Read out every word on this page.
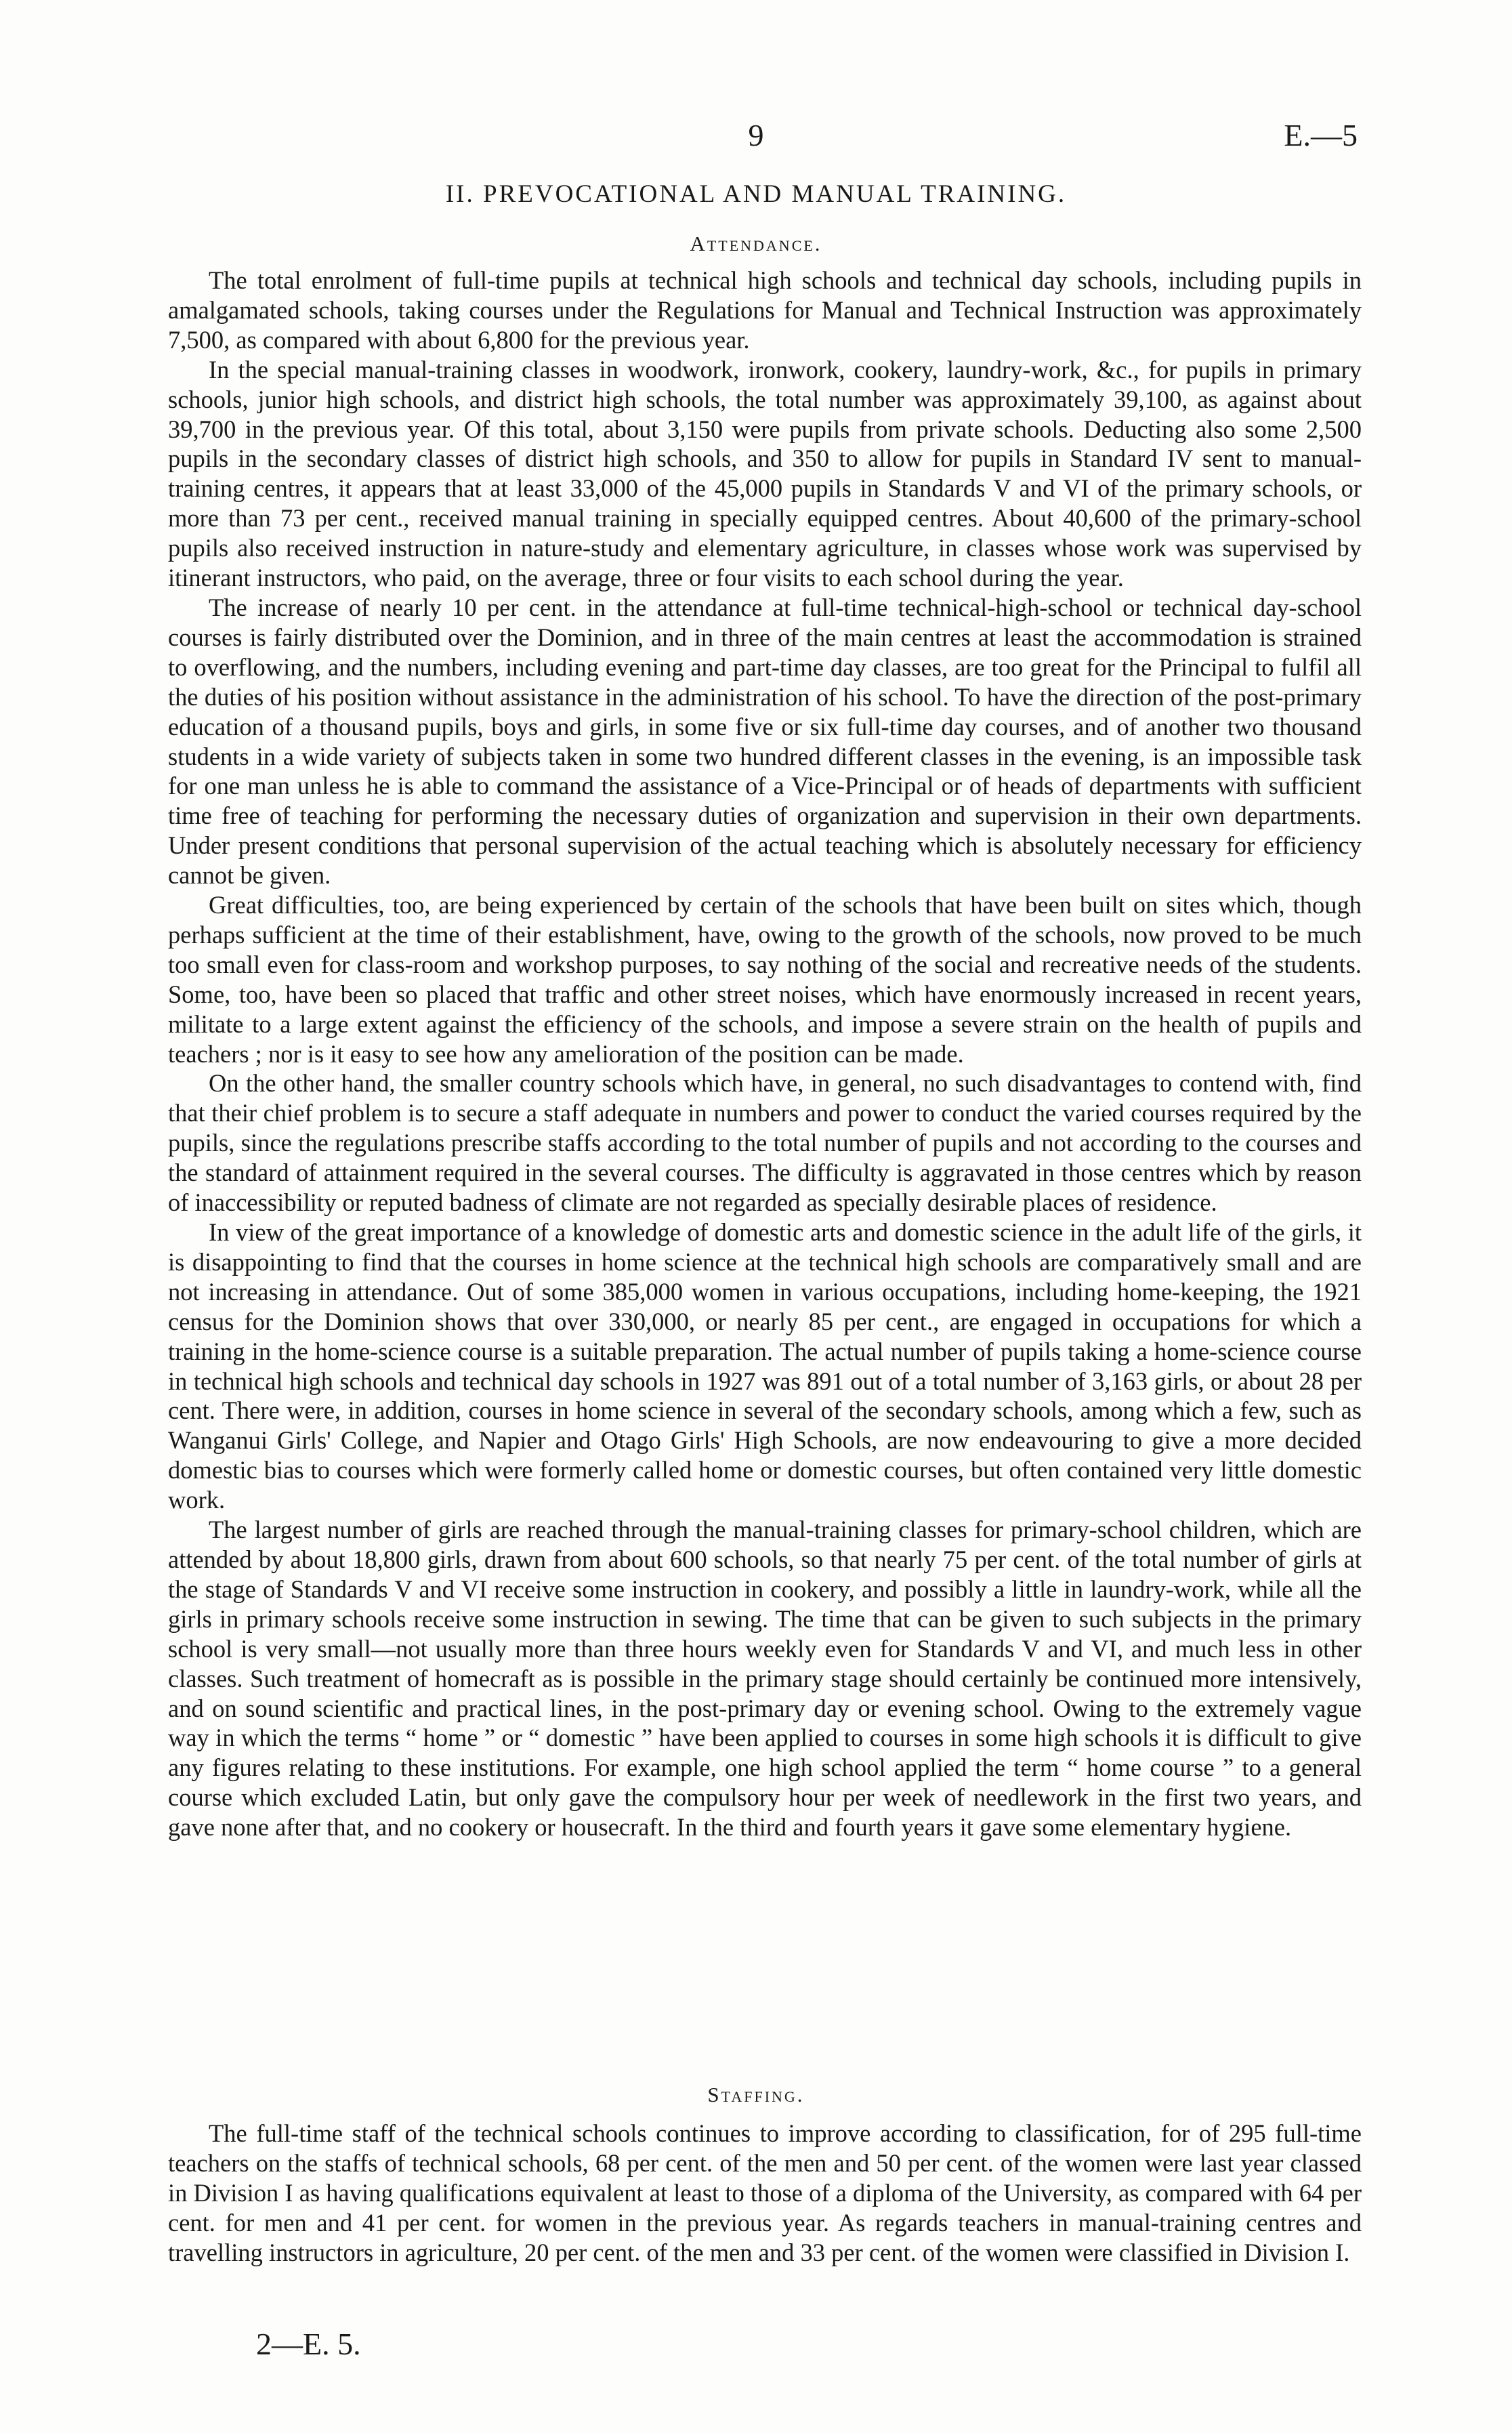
9	E.—5
II. PREVOCATIONAL AND MANUAL TRAINING.
Attendance.

The total enrolment of full-time pupils at technical high schools and technical day schools, including pupils in amalgamated schools, taking courses under the Regulations for Manual and Technical Instruction was approximately 7,500, as compared with about 6,800 for the previous year.

In the special manual-training classes in woodwork, ironwork, cookery, laundry-work, &c., for pupils in primary schools, junior high schools, and district high schools, the total number was approximately 39,100, as against about 39,700 in the previous year. Of this total, about 3,150 were pupils from private schools. Deducting also some 2,500 pupils in the secondary classes of district high schools, and 350 to allow for pupils in Standard IV sent to manual-training centres, it appears that at least 33,000 of the 45,000 pupils in Standards V and VI of the primary schools, or more than 73 per cent., received manual training in specially equipped centres. About 40,600 of the primary-school pupils also received instruction in nature-study and elementary agriculture, in classes whose work was supervised by itinerant instructors, who paid, on the average, three or four visits to each school during the year.

The increase of nearly 10 per cent. in the attendance at full-time technical-high-school or technical day-school courses is fairly distributed over the Dominion, and in three of the main centres at least the accommodation is strained to overflowing, and the numbers, including evening and part-time day classes, are too great for the Principal to fulfil all the duties of his position without assistance in the administration of his school. To have the direction of the post-primary education of a thousand pupils, boys and girls, in some five or six full-time day courses, and of another two thousand students in a wide variety of subjects taken in some two hundred different classes in the evening, is an impossible task for one man unless he is able to command the assistance of a Vice-Principal or of heads of departments with sufficient time free of teaching for performing the necessary duties of organization and supervision in their own departments. Under present conditions that personal supervision of the actual teaching which is absolutely necessary for efficiency cannot be given.

Great difficulties, too, are being experienced by certain of the schools that have been built on sites which, though perhaps sufficient at the time of their establishment, have, owing to the growth of the schools, now proved to be much too small even for class-room and workshop purposes, to say nothing of the social and recreative needs of the students. Some, too, have been so placed that traffic and other street noises, which have enormously increased in recent years, militate to a large extent against the efficiency of the schools, and impose a severe strain on the health of pupils and teachers ; nor is it easy to see how any amelioration of the position can be made.

On the other hand, the smaller country schools which have, in general, no such disadvantages to contend with, find that their chief problem is to secure a staff adequate in numbers and power to conduct the varied courses required by the pupils, since the regulations prescribe staffs according to the total number of pupils and not according to the courses and the standard of attainment required in the several courses. The difficulty is aggravated in those centres which by reason of inaccessibility or reputed badness of climate are not regarded as specially desirable places of residence.

In view of the great importance of a knowledge of domestic arts and domestic science in the adult life of the girls, it is disappointing to find that the courses in home science at the technical high schools are comparatively small and are not increasing in attendance. Out of some 385,000 women in various occupations, including home-keeping, the 1921 census for the Dominion shows that over 330,000, or nearly 85 per cent., are engaged in occupations for which a training in the home-science course is a suitable preparation. The actual number of pupils taking a home-science course in technical high schools and technical day schools in 1927 was 891 out of a total number of 3,163 girls, or about 28 per cent. There were, in addition, courses in home science in several of the secondary schools, among which a few, such as Wanganui Girls' College, and Napier and Otago Girls' High Schools, are now endeavouring to give a more decided domestic bias to courses which were formerly called home or domestic courses, but often contained very little domestic work.

The largest number of girls are reached through the manual-training classes for primary-school children, which are attended by about 18,800 girls, drawn from about 600 schools, so that nearly 75 per cent. of the total number of girls at the stage of Standards V and VI receive some instruction in cookery, and possibly a little in laundry-work, while all the girls in primary schools receive some instruction in sewing. The time that can be given to such subjects in the primary school is very small—not usually more than three hours weekly even for Standards V and VI, and much less in other classes. Such treatment of homecraft as is possible in the primary stage should certainly be continued more intensively, and on sound scientific and practical lines, in the post-primary day or evening school. Owing to the extremely vague way in which the terms “ home ” or “ domestic ” have been applied to courses in some high schools it is difficult to give any figures relating to these institutions. For example, one high school applied the term “ home course ” to a general course which excluded Latin, but only gave the compulsory hour per week of needlework in the first two years, and gave none after that, and no cookery or housecraft. In the third and fourth years it gave some elementary hygiene.

Staffing.

The full-time staff of the technical schools continues to improve according to classification, for of 295 full-time teachers on the staffs of technical schools, 68 per cent. of the men and 50 per cent. of the women were last year classed in Division I as having qualifications equivalent at least to those of a diploma of the University, as compared with 64 per cent. for men and 41 per cent. for women in the previous year. As regards teachers in manual-training centres and travelling instructors in agriculture, 20 per cent. of the men and 33 per cent. of the women were classified in Division I.

2—E. 5.
